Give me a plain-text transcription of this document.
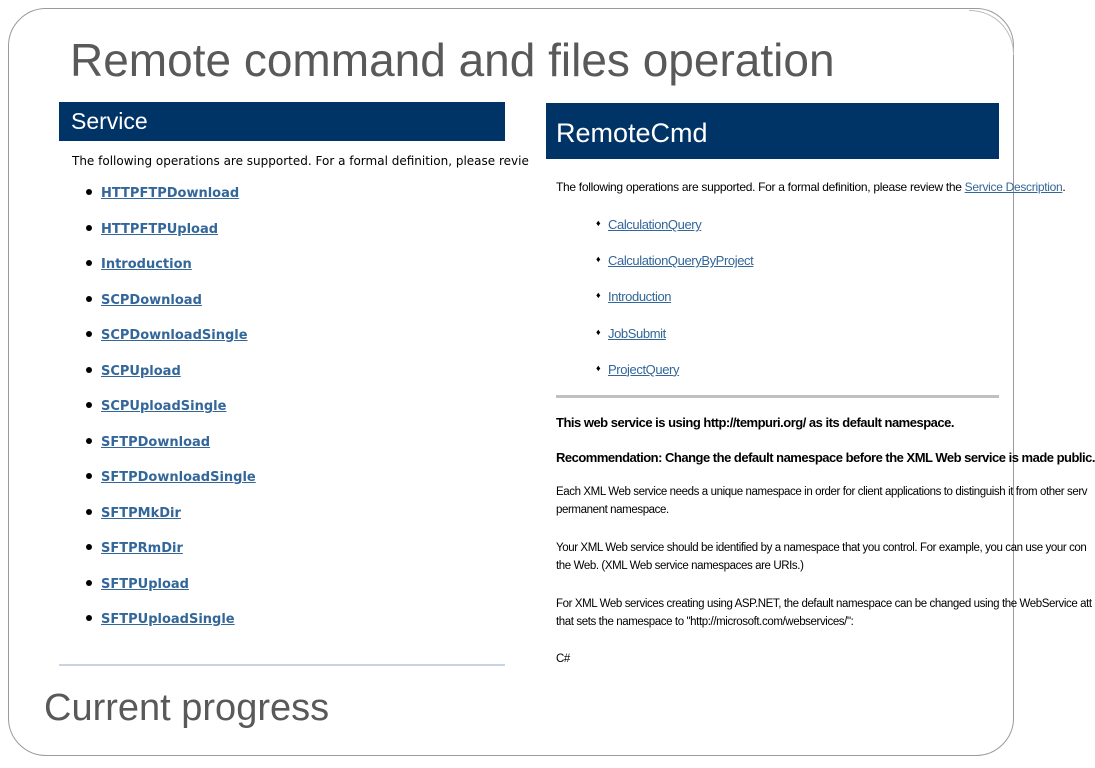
Remote command and files operation
Service
The following operations are supported. For a formal definition, please revie
HTTPFTPDownload
HTTPFTPUpload
Introduction
SCPDownload
SCPDownloadSingle
SCPUpload
SCPUploadSingle
SFTPDownload
SFTPDownloadSingle
SFTPMkDir
SFTPRmDir
SFTPUpload
SFTPUploadSingle
RemoteCmd
The following operations are supported. For a formal definition, please review the Service Description.
♦ CalculationQuery
♦ CalculationQueryByProject
♦ Introduction
♦ JobSubmit
♦ ProjectQuery
This web service is using http://tempuri.org/ as its default namespace.
Recommendation: Change the default namespace before the XML Web service is made public.
Each XML Web service needs a unique namespace in order for client applications to distinguish it from other serv
permanent namespace.
Your XML Web service should be identified by a namespace that you control. For example, you can use your con
the Web. (XML Web service namespaces are URIs.)
For XML Web services creating using ASP.NET, the default namespace can be changed using the WebService att
that sets the namespace to "http://microsoft.com/webservices/":
C#
Current progress
